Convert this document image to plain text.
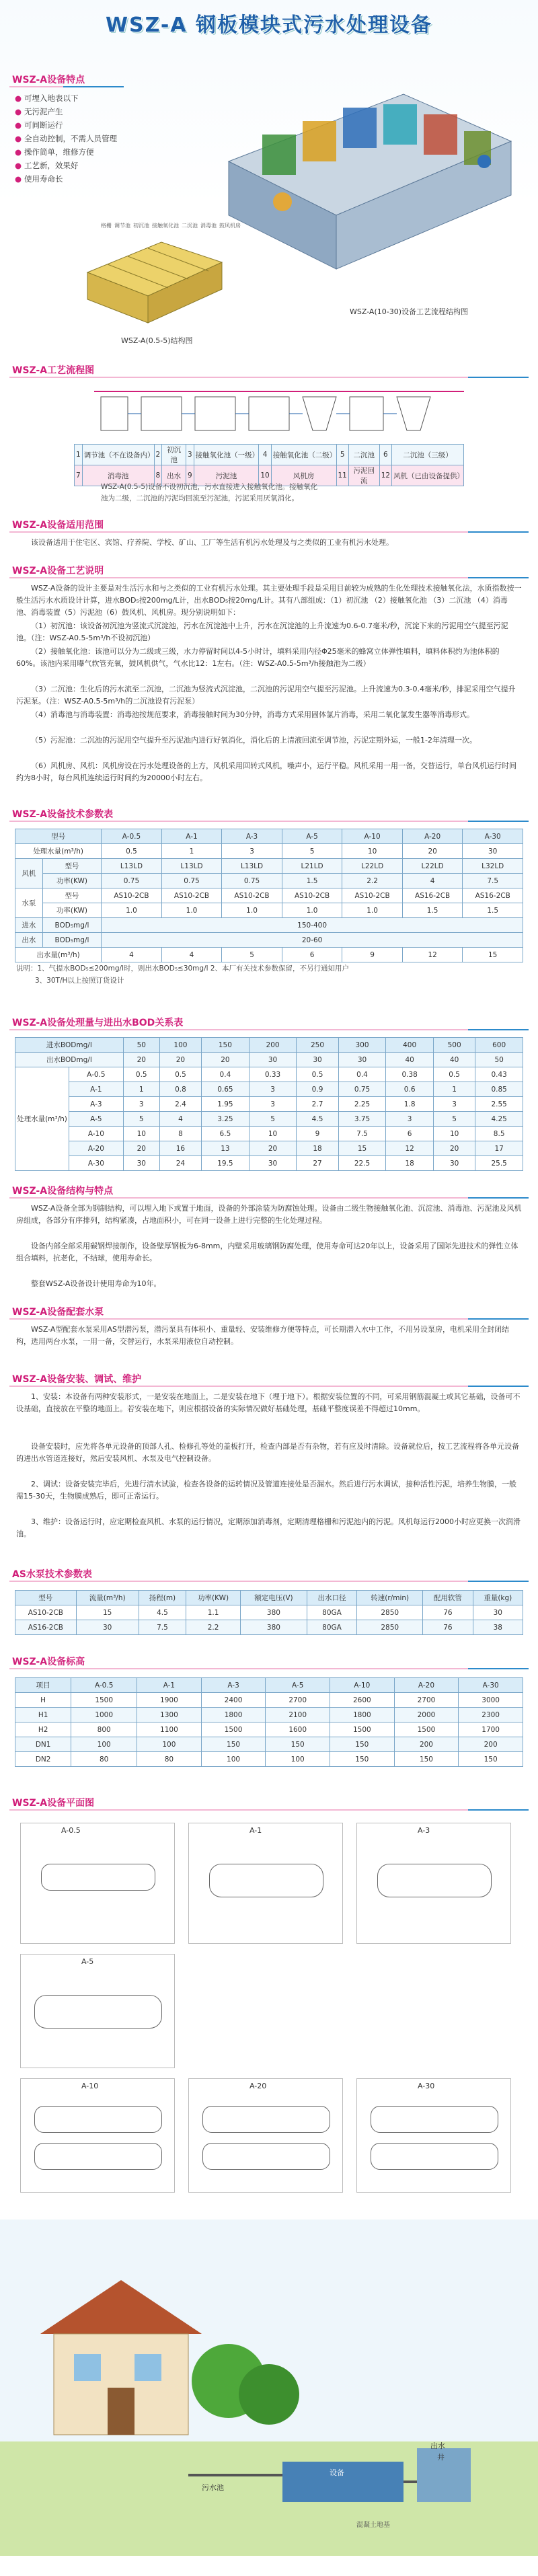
WSZ-A 钢板模块式污水处理设备
WSZ-A设备特点
● 可埋入地表以下
● 无污泥产生
● 可间断运行
● 全自动控制，不需人员管理
● 操作简单，维修方便
● 工艺新，效果好
● 使用寿命长
WSZ-A(10-30)设备工艺流程结构图
格栅 调节池 初沉池 接触氧化池 二沉池 消毒池 鼓风机房
WSZ-A(0.5-5)结构图
WSZ-A工艺流程图
1	调节池（不在设备内）	2	初沉池	3	接触氧化池（一级）	4	接触氧化池（二级）	5	二沉池	6	二沉池（三级）
7	消毒池	8	出水	9	污泥池	10	风机房	11	污泥回流	12	风机（已由设备提供）
WSZ-A(0.5-5)设备不设初沉池，污水直接进入接触氧化池。接触氧化
池为二级，二沉池的污泥均回流至污泥池，污泥采用厌氧消化。
WSZ-A设备适用范围
该设备适用于住宅区、宾馆、疗养院、学校、矿山、工厂等生活有机污水处理及与之类似的工业有机污水处理。
WSZ-A设备工艺说明
WSZ-A设备的设计主要是对生活污水和与之类似的工业有机污水处理。其主要处理手段是采用目前较为成熟的生化处理技术接触氧化法，水质指数按一般生活污水水质设计计算，进水BOD₅按200mg/L计，出水BOD₅按20mg/L计。其有八部组成：（1）初沉池 （2）接触氧化池 （3）二沉池 （4）消毒池、消毒装置（5）污泥池（6）鼓风机、风机房。现分别说明如下：
（1）初沉池：该设备初沉池为竖流式沉淀池，污水在沉淀池中上升，污水在沉淀池的上升流速为0.6-0.7毫米/秒，沉淀下来的污泥用空气提至污泥池。（注：WSZ-A0.5-5m³/h不设初沉池）
（2）接触氧化池：该池可以分为二级或三级，水力停留时间以4-5小时计，填料采用内径Φ25毫米的蜂窝立体弹性填料，填料体积约为池体积的60%。该池内采用曝气软管充氧，鼓风机供气，气水比12：1左右。（注：WSZ-A0.5-5m³/h接触池为二级）
（3）二沉池：生化后的污水流至二沉池，二沉池为竖流式沉淀池，二沉池的污泥用空气提至污泥池。上升流速为0.3-0.4毫米/秒，排泥采用空气提升污泥泵。（注：WSZ-A0.5-5m³/h的二沉池设有污泥泵）
（4）消毒池与消毒装置：消毒池按规范要求，消毒接触时间为30分钟，消毒方式采用固体氯片消毒，采用二氧化氯发生器等消毒形式。
（5）污泥池：二沉池的污泥用空气提升至污泥池内进行好氧消化，消化后的上清液回流至调节池，污泥定期外运，一般1-2年清理一次。
（6）风机房、风机：风机房设在污水处理设备的上方，风机采用回转式风机，噪声小，运行平稳。风机采用一用一备，交替运行，单台风机运行时间约为8小时，每台风机连续运行时间约为20000小时左右。
WSZ-A设备技术参数表
型号		A-0.5	A-1	A-3	A-5	A-10	A-20	A-30
处理水量(m³/h)		0.5	1	3	5	10	20	30
风机	型号	L13LD	L13LD	L13LD	L21LD	L22LD	L22LD	L32LD
	功率(KW)	0.75	0.75	0.75	1.5	2.2	4	7.5
水泵	型号	AS10-2CB	AS10-2CB	AS10-2CB	AS10-2CB	AS10-2CB	AS16-2CB	AS16-2CB
	功率(KW)	1.0	1.0	1.0	1.0	1.0	1.5	1.5
进水	BOD₅mg/l	150-400						
出水	BOD₅mg/l	20-60						
出水量(m³/h)		4	4	5	6	9	12	15
说明：1、气提水BOD₅≤200mg/l时，则出水BOD₅≤30mg/l 2、本厂有关技术参数保留，不另行通知用户
3、30T/H以上按照订货设计
WSZ-A设备处理量与进出水BOD关系表
进水BODmg/l		50	100	150	200	250	300	400	500	600
出水BODmg/l		20	20	20	30	30	30	40	40	50
处理水量(m³/h)	A-0.5	0.5	0.5	0.4	0.33	0.5	0.4	0.38	0.5	0.43
	A-1	1	0.8	0.65	3	0.9	0.75	0.6	1	0.85
	A-3	3	2.4	1.95	3	2.7	2.25	1.8	3	2.55
	A-5	5	4	3.25	5	4.5	3.75	3	5	4.25
	A-10	10	8	6.5	10	9	7.5	6	10	8.5
	A-20	20	16	13	20	18	15	12	20	17
	A-30	30	24	19.5	30	27	22.5	18	30	25.5
WSZ-A设备结构与特点
WSZ-A设备全部为钢制结构，可以埋入地下或置于地面，设备的外部涂装为防腐蚀处理。设备由二级生物接触氧化池、沉淀池、消毒池、污泥池及风机房组成，各部分有序排列，结构紧凑，占地面积小，可在同一设备上进行完整的生化处理过程。
设备内部全部采用碳钢焊接制作，设备壁厚钢板为6-8mm，内壁采用玻璃钢防腐处理，使用寿命可达20年以上，设备采用了国际先进技术的弹性立体组合填料，抗老化，不结球，使用寿命长。
整套WSZ-A设备设计使用寿命为10年。
WSZ-A设备配套水泵
WSZ-A型配套水泵采用AS型潜污泵，潜污泵具有体积小、重量轻、安装维修方便等特点，可长期潜入水中工作，不用另设泵房，电机采用全封闭结构，选用两台水泵，一用一备，交替运行，水泵采用液位自动控制。
WSZ-A设备安装、调试、维护
1、安装：本设备有两种安装形式，一是安装在地面上，二是安装在地下（埋于地下）。根据安装位置的不同，可采用钢筋混凝土或其它基础，设备可不设基础，直接放在平整的地面上。若安装在地下，则应根据设备的实际情况做好基础处理，基础平整度误差不得超过10mm。
设备安装时，应先将各单元设备的顶部人孔、检修孔等处的盖板打开，检查内部是否有杂物，若有应及时清除。设备就位后，按工艺流程将各单元设备的进出水管道连接好，然后安装风机、水泵及电气控制设备。
2、调试：设备安装完毕后，先进行清水试验，检查各设备的运转情况及管道连接处是否漏水。然后进行污水调试，接种活性污泥，培养生物膜，一般需15-30天，生物膜成熟后，即可正常运行。
3、维护：设备运行时，应定期检查风机、水泵的运行情况，定期添加消毒剂，定期清理格栅和污泥池内的污泥。风机每运行2000小时应更换一次润滑油。
AS水泵技术参数表
型号	流量(m³/h)	扬程(m)	功率(KW)	额定电压(V)	出水口径	转速(r/min)	配用软管	重量(kg)
AS10-2CB	15	4.5	1.1	380	80GA	2850	76	30
AS16-2CB	30	7.5	2.2	380	80GA	2850	76	38
WSZ-A设备标高
项目	A-0.5	A-1	A-3	A-5	A-10	A-20	A-30
H	1500	1900	2400	2700	2600	2700	3000
H1	1000	1300	1800	2100	1800	2000	2300
H2	800	1100	1500	1600	1500	1500	1700
DN1	100	100	150	150	150	200	200
DN2	80	80	100	100	150	150	150
WSZ-A设备平面图
A-0.5	A-1	A-3
A-5
A-10	A-20	A-30
污水池
设备
出水
井
混凝土地基
